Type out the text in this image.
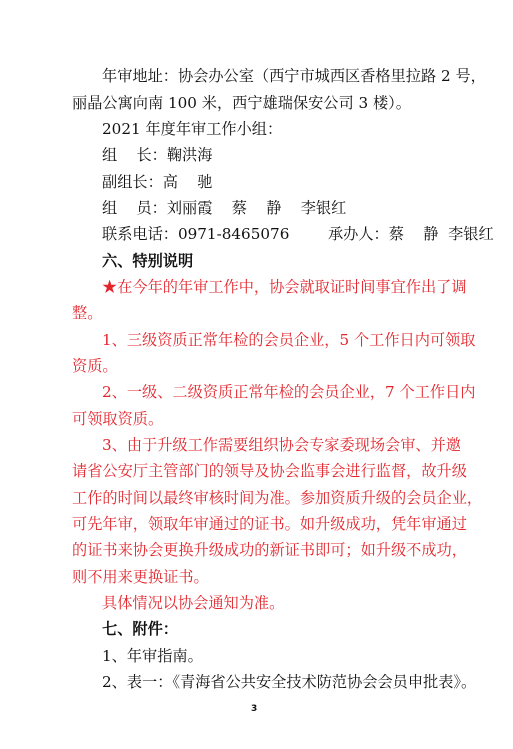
年审地址：协会办公室（西宁市城西区香格里拉路 2 号，
丽晶公寓向南 100 米，西宁雄瑞保安公司 3 楼）。
2021 年度年审工作小组：
组    长：鞠洪海
副组长：高    驰
组    员：刘丽霞    蔡    静    李银红
联系电话：0971-8465076        承办人：蔡    静  李银红
六、特别说明
★在今年的年审工作中，协会就取证时间事宜作出了调
整。
1、三级资质正常年检的会员企业，5 个工作日内可领取
资质。
2、一级、二级资质正常年检的会员企业，7 个工作日内
可领取资质。
3、由于升级工作需要组织协会专家委现场会审、并邀
请省公安厅主管部门的领导及协会监事会进行监督，故升级
工作的时间以最终审核时间为准。参加资质升级的会员企业，
可先年审，领取年审通过的证书。如升级成功，凭年审通过
的证书来协会更换升级成功的新证书即可；如升级不成功，
则不用来更换证书。
具体情况以协会通知为准。
七、附件：
1、年审指南。
2、表一：《青海省公共安全技术防范协会会员申批表》。
3
